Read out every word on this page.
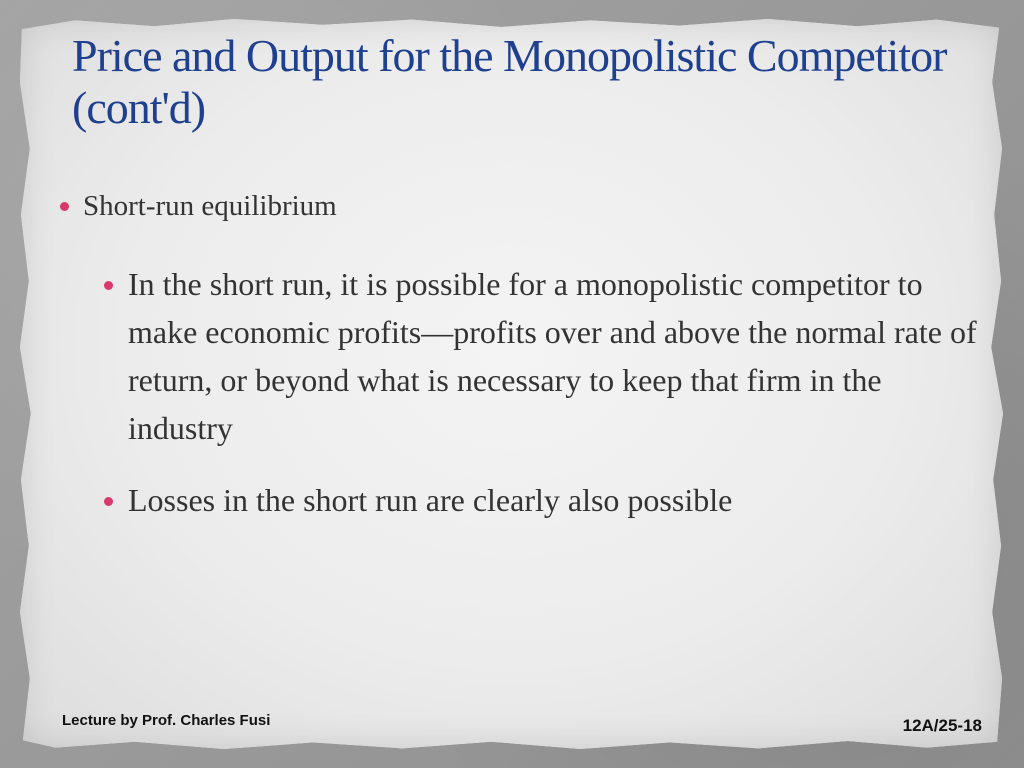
Price and Output for the Monopolistic Competitor (cont'd)
Short-run equilibrium
In the short run, it is possible for a monopolistic competitor to make economic profits—profits over and above the normal rate of return, or beyond what is necessary to keep that firm in the industry
Losses in the short run are clearly also possible
Lecture by Prof. Charles Fusi	12A/25-18
